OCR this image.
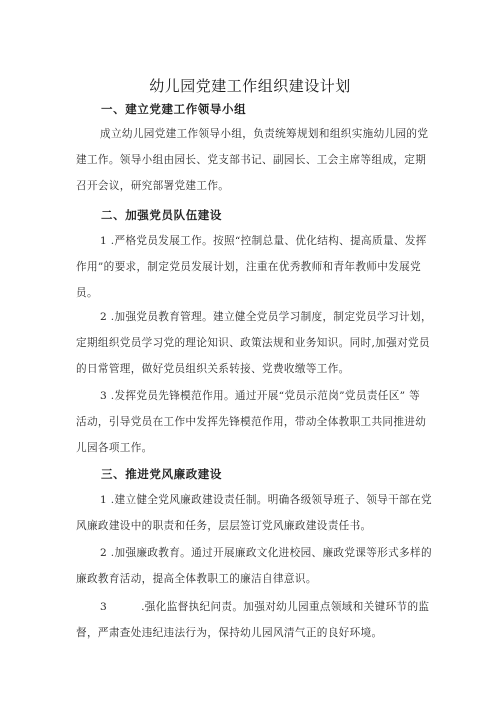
幼儿园党建工作组织建设计划
一、建立党建工作领导小组
成立幼儿园党建工作领导小组，负责统筹规划和组织实施幼儿园的党
建工作。领导小组由园长、党支部书记、副园长、工会主席等组成，定期
召开会议，研究部署党建工作。
二、加强党员队伍建设
1 .严格党员发展工作。按照“控制总量、优化结构、提高质量、发挥
作用”的要求，制定党员发展计划，注重在优秀教师和青年教师中发展党
员。
2 .加强党员教育管理。建立健全党员学习制度，制定党员学习计划，
定期组织党员学习党的理论知识、政策法规和业务知识。同时,加强对党员
的日常管理，做好党员组织关系转接、党费收缴等工作。
3 .发挥党员先锋模范作用。通过开展“党员示范岗”党员责任区” 等
活动，引导党员在工作中发挥先锋模范作用，带动全体教职工共同推进幼
儿园各项工作。
三、推进党风廉政建设
1 .建立健全党风廉政建设责任制。明确各级领导班子、领导干部在党
风廉政建设中的职责和任务，层层签订党风廉政建设责任书。
2 .加强廉政教育。通过开展廉政文化进校园、廉政党课等形式多样的
廉政教育活动，提高全体教职工的廉洁自律意识。
3	.强化监督执纪问责。加强对幼儿园重点领域和关键环节的监
督，严肃查处违纪违法行为，保持幼儿园风清气正的良好环境。
